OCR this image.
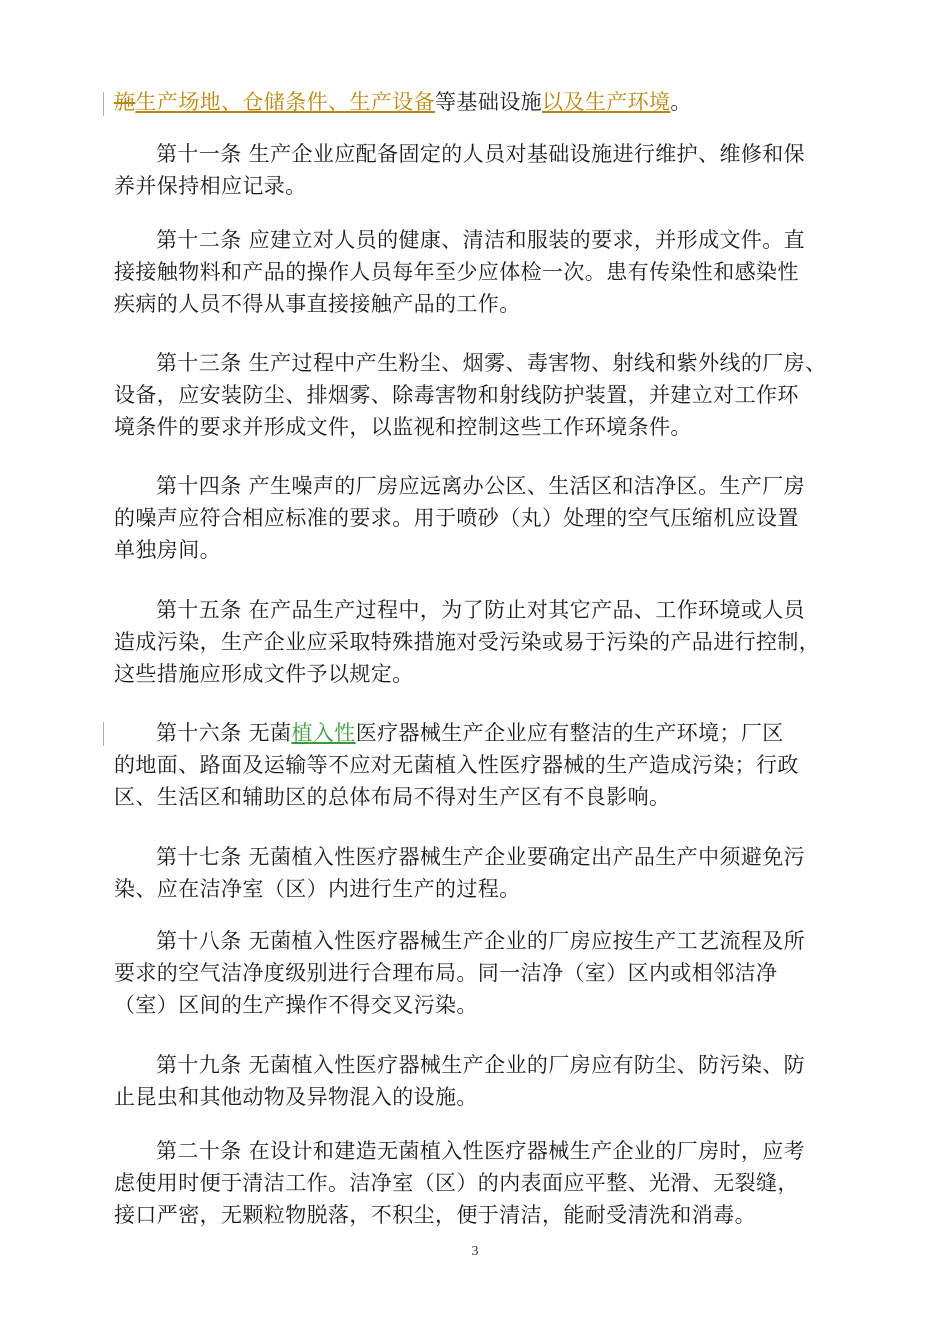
施生产场地、仓储条件、生产设备等基础设施以及生产环境。
第十一条 生产企业应配备固定的人员对基础设施进行维护、维修和保
养并保持相应记录。
第十二条 应建立对人员的健康、清洁和服装的要求，并形成文件。直
接接触物料和产品的操作人员每年至少应体检一次。患有传染性和感染性
疾病的人员不得从事直接接触产品的工作。
第十三条 生产过程中产生粉尘、烟雾、毒害物、射线和紫外线的厂房、
设备，应安装防尘、排烟雾、除毒害物和射线防护装置，并建立对工作环
境条件的要求并形成文件，以监视和控制这些工作环境条件。
第十四条 产生噪声的厂房应远离办公区、生活区和洁净区。生产厂房
的噪声应符合相应标准的要求。用于喷砂（丸）处理的空气压缩机应设置
单独房间。
第十五条 在产品生产过程中，为了防止对其它产品、工作环境或人员
造成污染，生产企业应采取特殊措施对受污染或易于污染的产品进行控制，
这些措施应形成文件予以规定。
第十六条 无菌植入性医疗器械生产企业应有整洁的生产环境；厂区
的地面、路面及运输等不应对无菌植入性医疗器械的生产造成污染；行政
区、生活区和辅助区的总体布局不得对生产区有不良影响。
第十七条 无菌植入性医疗器械生产企业要确定出产品生产中须避免污
染、应在洁净室（区）内进行生产的过程。
第十八条 无菌植入性医疗器械生产企业的厂房应按生产工艺流程及所
要求的空气洁净度级别进行合理布局。同一洁净（室）区内或相邻洁净
（室）区间的生产操作不得交叉污染。
第十九条 无菌植入性医疗器械生产企业的厂房应有防尘、防污染、防
止昆虫和其他动物及异物混入的设施。
第二十条 在设计和建造无菌植入性医疗器械生产企业的厂房时，应考
虑使用时便于清洁工作。洁净室（区）的内表面应平整、光滑、无裂缝，
接口严密，无颗粒物脱落，不积尘，便于清洁，能耐受清洗和消毒。
3
